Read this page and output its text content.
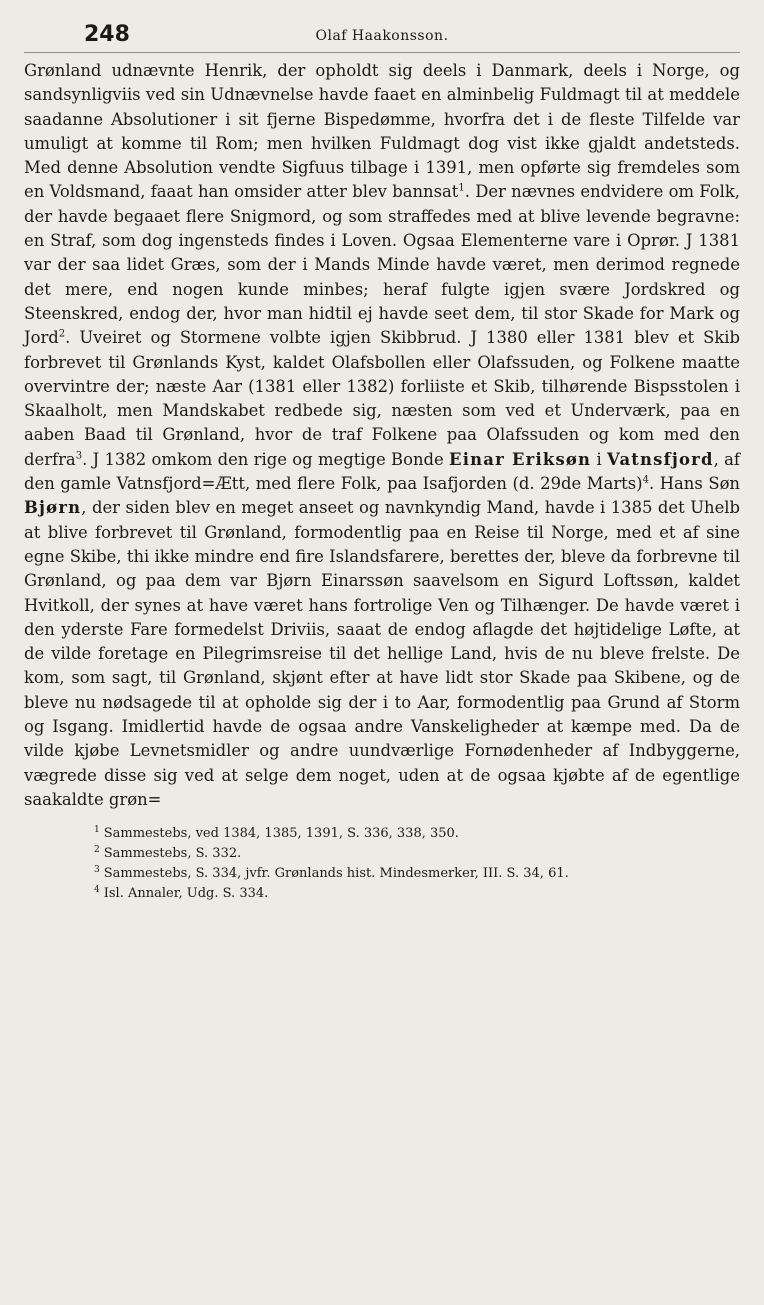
248	Olaf Haakonsson.

Grønland udnævnte Henrik, der opholdt sig deels i Danmark, deels i Norge, og sandsynligviis ved sin Udnævnelse havde faaet en alminbelig Fuldmagt til at meddele saadanne Absolutioner i sit fjerne Bispedømme, hvorfra det i de fleste Tilfelde var umuligt at komme til Rom; men hvilken Fuldmagt dog vist ikke gjaldt andetsteds. Med denne Absolution vendte Sigfuus tilbage i 1391, men opførte sig fremdeles som en Voldsmand, faaat han omsider atter blev bannsat$^1$. Der nævnes endvidere om Folk, der havde begaaet flere Snigmord, og som straffedes med at blive levende begravne: en Straf, som dog ingensteds findes i Loven. Ogsaa Elementerne vare i Oprør. J 1381 var der saa lidet Græs, som der i Mands Minde havde været, men derimod regnede det mere, end nogen kunde minbes; heraf fulgte igjen svære Jordskred og Steenskred, endog der, hvor man hidtil ej havde seet dem, til stor Skade for Mark og Jord$^2$. Uveiret og Stormene volbte igjen Skibbrud. J 1380 eller 1381 blev et Skib forbrevet til Grønlands Kyst, kaldet Olafsbollen eller Olafssuden, og Folkene maatte overvintre der; næste Aar (1381 eller 1382) forliiste et Skib, tilhørende Bispsstolen i Skaalholt, men Mandskabet redbede sig, næsten som ved et Underværk, paa en aaben Baad til Grønland, hvor de traf Folkene paa Olafssuden og kom med den derfra$^3$. J 1382 omkom den rige og megtige Bonde Einar Eriksøn i Vatnsfjord, af den gamle Vatnsfjord=Ætt, med flere Folk, paa Isafjorden (d. 29de Marts)$^4$. Hans Søn Bjørn, der siden blev en meget anseet og navnkyndig Mand, havde i 1385 det Uhelb at blive forbrevet til Grønland, formodentlig paa en Reise til Norge, med et af sine egne Skibe, thi ikke mindre end fire Islandsfarere, berettes der, bleve da forbrevne til Grønland, og paa dem var Bjørn Einarssøn saavelsom en Sigurd Loftssøn, kaldet Hvitkoll, der synes at have været hans fortrolige Ven og Tilhænger. De havde været i den yderste Fare formedelst Driviis, saaat de endog aflagde det højtidelige Løfte, at de vilde foretage en Pilegrimsreise til det hellige Land, hvis de nu bleve frelste. De kom, som sagt, til Grønland, skjønt efter at have lidt stor Skade paa Skibene, og de bleve nu nødsagede til at opholde sig der i to Aar, formodentlig paa Grund af Storm og Isgang. Imidlertid havde de ogsaa andre Vanskeligheder at kæmpe med. Da de vilde kjøbe Levnetsmidler og andre uundværlige Fornødenheder af Indbyggerne, vægrede disse sig ved at selge dem noget, uden at de ogsaa kjøbte af de egentlige saakaldte grøn=

$^1$ Sammestebs, ved 1384, 1385, 1391, S. 336, 338, 350.
$^2$ Sammestebs, S. 332.
$^3$ Sammestebs, S. 334, jvfr. Grønlands hist. Mindesmerker, III. S. 34, 61.
$^4$ Isl. Annaler, Udg. S. 334.
